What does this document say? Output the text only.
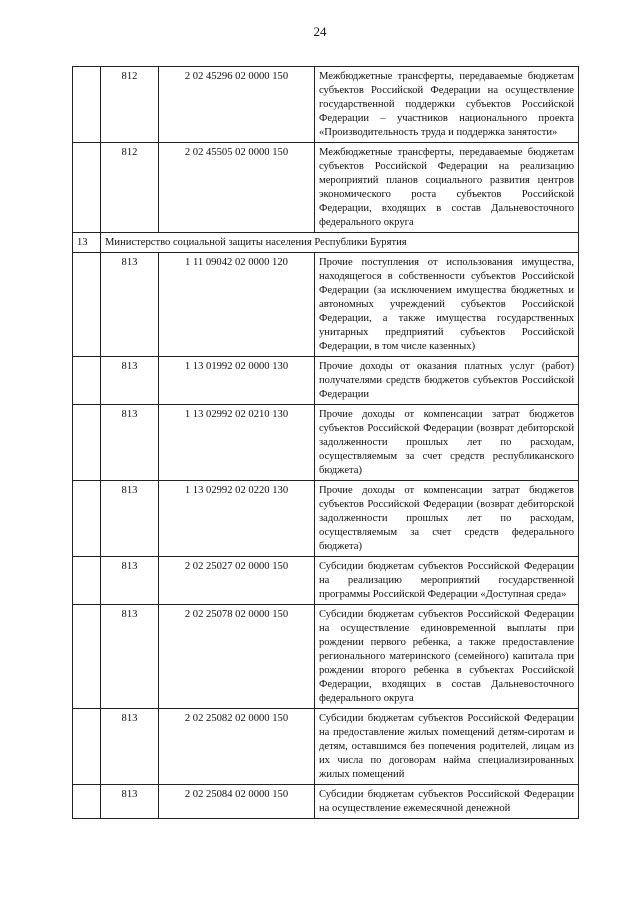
24
	812	2 02 45296 02 0000 150	Межбюджетные трансферты, передаваемые бюджетам субъектов Российской Федерации на осуществление государственной поддержки субъектов Российской Федерации – участников национального проекта «Производительность труда и поддержка занятости»
	812	2 02 45505 02 0000 150	Межбюджетные трансферты, передаваемые бюджетам субъектов Российской Федерации на реализацию мероприятий планов социального развития центров экономического роста субъектов Российской Федерации, входящих в состав Дальневосточного федерального округа
13	Министерство социальной защиты населения Республики Бурятия		
	813	1 11 09042 02 0000 120	Прочие поступления от использования имущества, находящегося в собственности субъектов Российской Федерации (за исключением имущества бюджетных и автономных учреждений субъектов Российской Федерации, а также имущества государственных унитарных предприятий субъектов Российской Федерации, в том числе казенных)
	813	1 13 01992 02 0000 130	Прочие доходы от оказания платных услуг (работ) получателями средств бюджетов субъектов Российской Федерации
	813	1 13 02992 02 0210 130	Прочие доходы от компенсации затрат бюджетов субъектов Российской Федерации (возврат дебиторской задолженности прошлых лет по расходам, осуществляемым за счет средств республиканского бюджета)
	813	1 13 02992 02 0220 130	Прочие доходы от компенсации затрат бюджетов субъектов Российской Федерации (возврат дебиторской задолженности прошлых лет по расходам, осуществляемым за счет средств федерального бюджета)
	813	2 02 25027 02 0000 150	Субсидии бюджетам субъектов Российской Федерации на реализацию мероприятий государственной программы Российской Федерации «Доступная среда»
	813	2 02 25078 02 0000 150	Субсидии бюджетам субъектов Российской Федерации на осуществление единовременной выплаты при рождении первого ребенка, а также предоставление регионального материнского (семейного) капитала при рождении второго ребенка в субъектах Российской Федерации, входящих в состав Дальневосточного федерального округа
	813	2 02 25082 02 0000 150	Субсидии бюджетам субъектов Российской Федерации на предоставление жилых помещений детям-сиротам и детям, оставшимся без попечения родителей, лицам из их числа по договорам найма специализированных жилых помещений
	813	2 02 25084 02 0000 150	Субсидии бюджетам субъектов Российской Федерации на осуществление ежемесячной денежной
